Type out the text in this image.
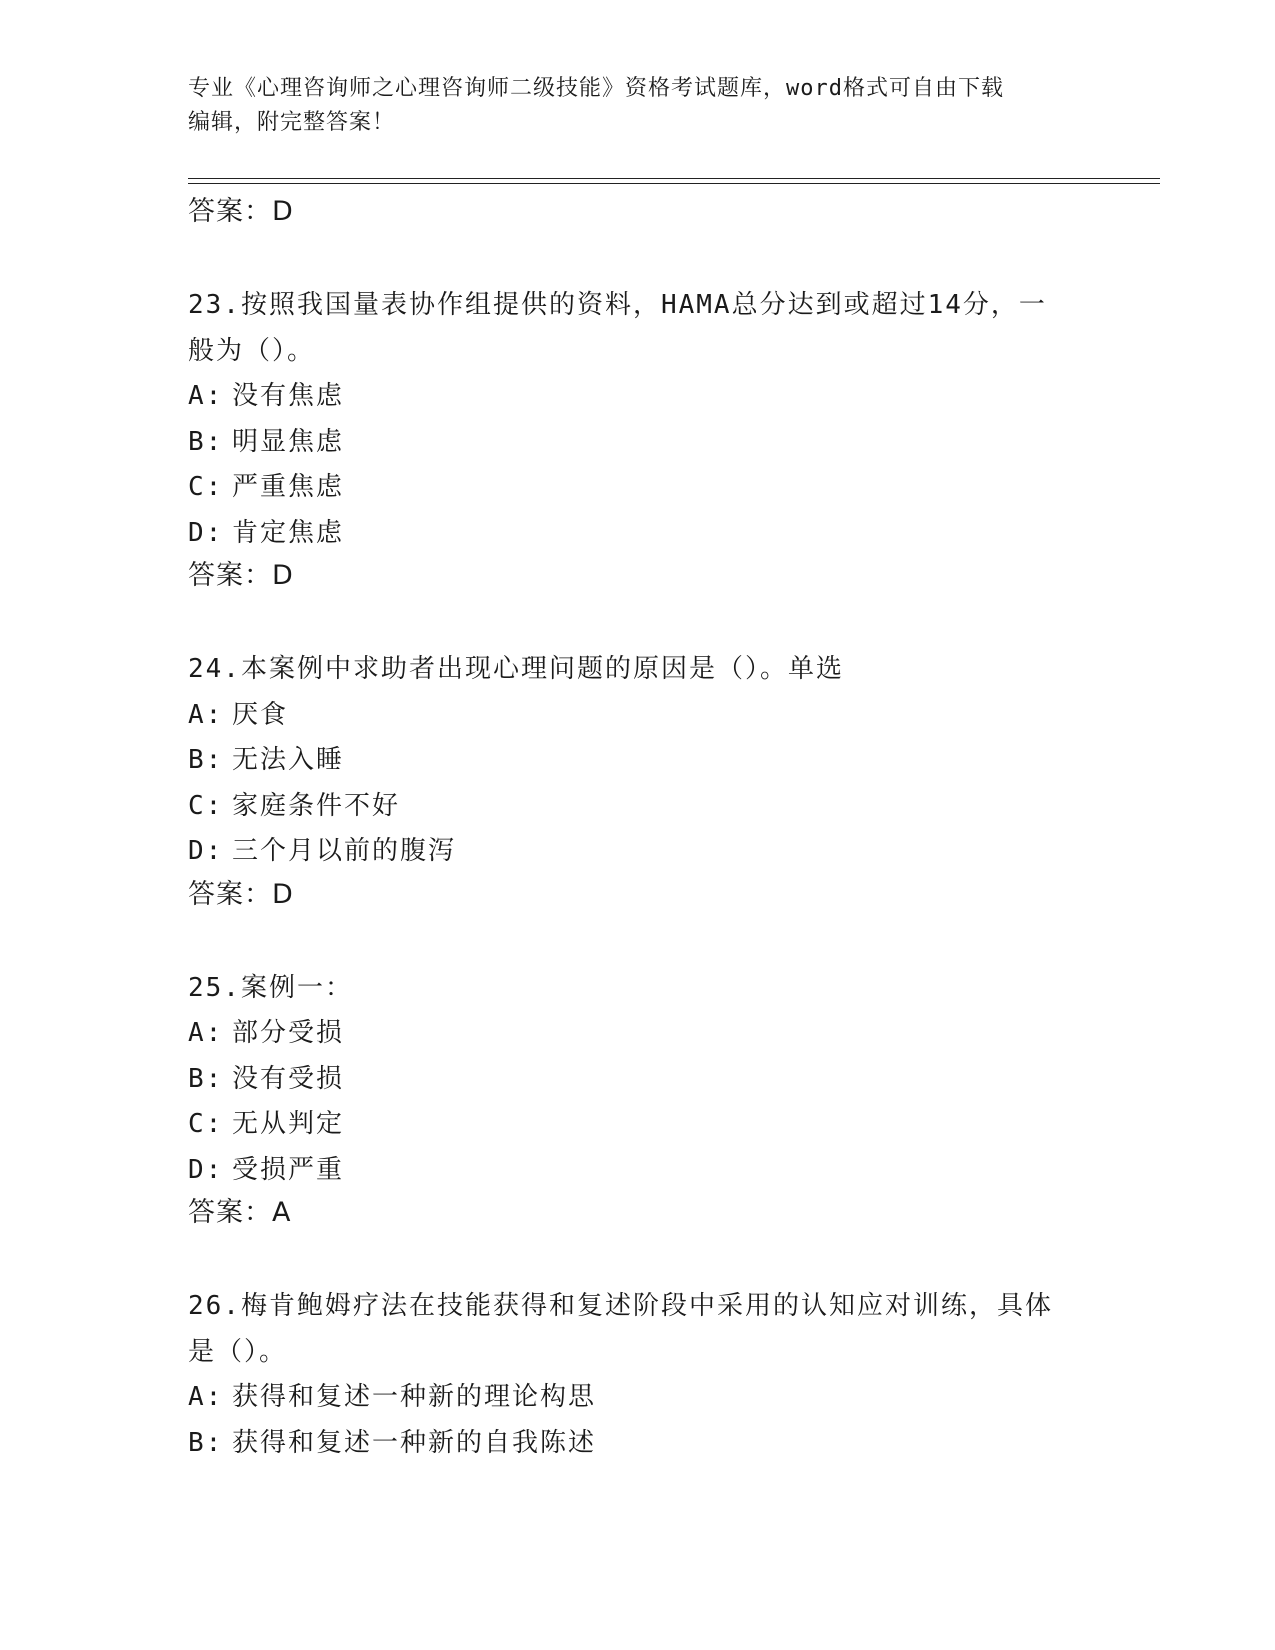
专业《心理咨询师之心理咨询师二级技能》资格考试题库，word格式可自由下载
编辑，附完整答案！

答案：D

23.按照我国量表协作组提供的资料，HAMA总分达到或超过14分，一

般为（）。

A: 没有焦虑

B: 明显焦虑

C: 严重焦虑

D: 肯定焦虑

答案：D

24.本案例中求助者出现心理问题的原因是（）。单选

A: 厌食

B: 无法入睡

C: 家庭条件不好

D: 三个月以前的腹泻

答案：D

25.案例一：

A: 部分受损

B: 没有受损

C: 无从判定

D: 受损严重

答案：A

26.梅肯鲍姆疗法在技能获得和复述阶段中采用的认知应对训练，具体

是（）。

A: 获得和复述一种新的理论构思

B: 获得和复述一种新的自我陈述
